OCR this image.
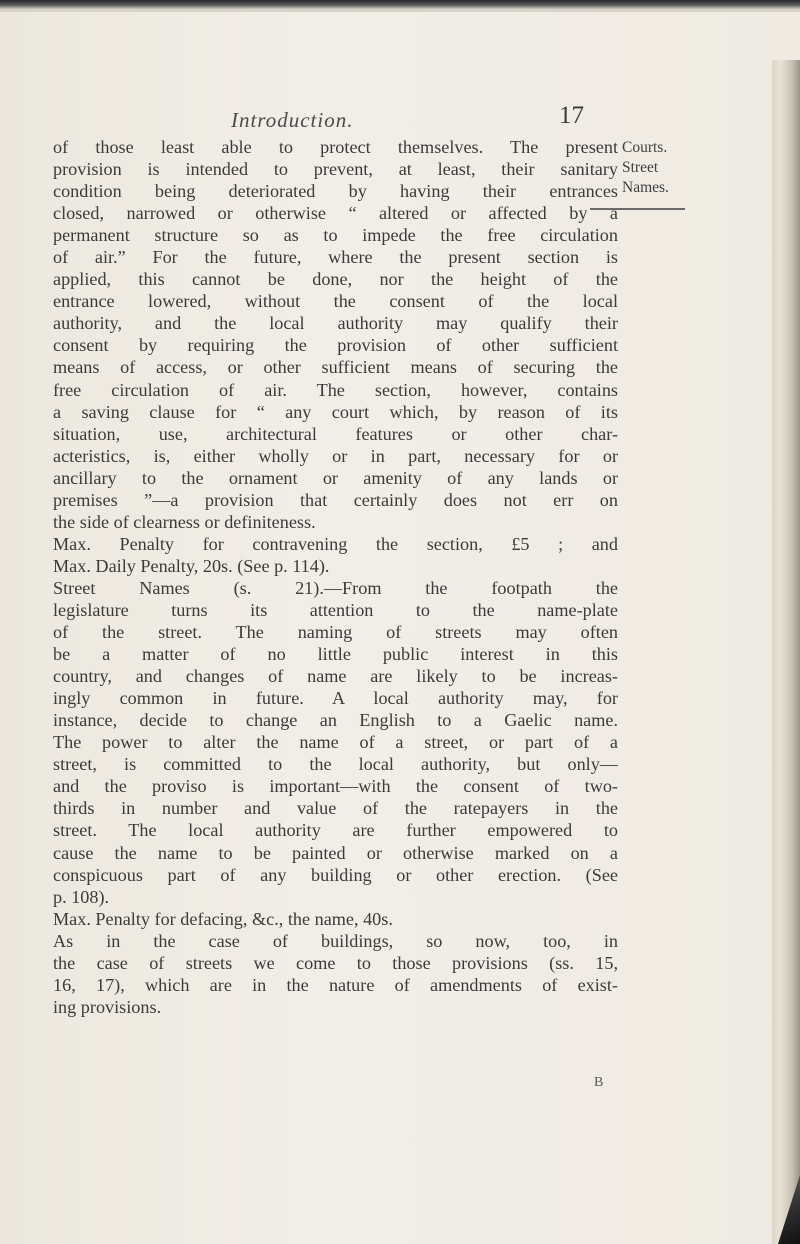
Introduction.	17
Courts.
Street
Names.
of those least able to protect themselves. The present
provision is intended to prevent, at least, their sanitary
condition being deteriorated by having their entrances
closed, narrowed or otherwise “ altered or affected by a
permanent structure so as to impede the free circulation
of air.” For the future, where the present section is
applied, this cannot be done, nor the height of the
entrance lowered, without the consent of the local
authority, and the local authority may qualify their
consent by requiring the provision of other sufficient
means of access, or other sufficient means of securing the
free circulation of air. The section, however, contains
a saving clause for “ any court which, by reason of its
situation, use, architectural features or other char-
acteristics, is, either wholly or in part, necessary for or
ancillary to the ornament or amenity of any lands or
premises ”—a provision that certainly does not err on
the side of clearness or definiteness.
Max. Penalty for contravening the section, £5 ; and
Max. Daily Penalty, 20s. (See p. 114).
Street Names (s. 21).—From the footpath the
legislature turns its attention to the name-plate
of the street. The naming of streets may often
be a matter of no little public interest in this
country, and changes of name are likely to be increas-
ingly common in future. A local authority may, for
instance, decide to change an English to a Gaelic name.
The power to alter the name of a street, or part of a
street, is committed to the local authority, but only—
and the proviso is important—with the consent of two-
thirds in number and value of the ratepayers in the
street. The local authority are further empowered to
cause the name to be painted or otherwise marked on a
conspicuous part of any building or other erection. (See
p. 108).
Max. Penalty for defacing, &c., the name, 40s.
As in the case of buildings, so now, too, in
the case of streets we come to those provisions (ss. 15,
16, 17), which are in the nature of amendments of exist-
ing provisions.
B
